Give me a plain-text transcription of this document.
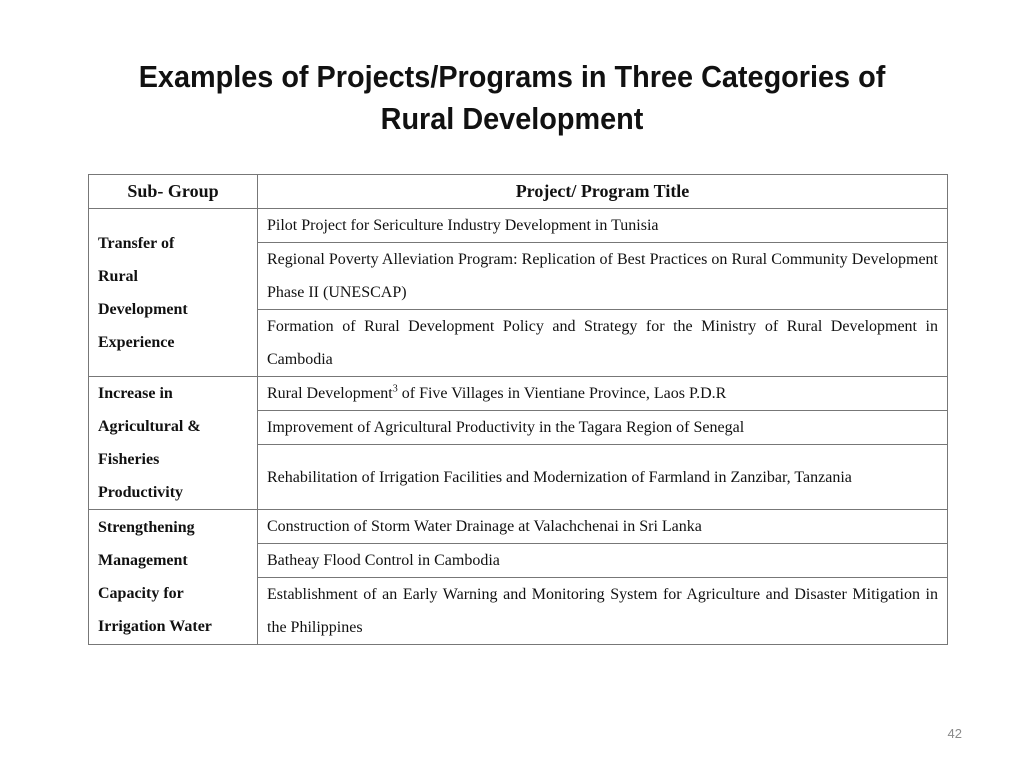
Examples of Projects/Programs in Three Categories of
Rural Development
Sub- Group	Project/ Program Title

Transfer of
Rural
Development
Experience	Pilot Project for Sericulture Industry Development in Tunisia
	Regional Poverty Alleviation Program: Replication of Best Practices on Rural Community Development Phase II (UNESCAP)
	Formation of Rural Development Policy and Strategy for the Ministry of Rural Development in Cambodia

Increase in
Agricultural &
Fisheries
Productivity	Rural Development$^3$ of Five Villages in Vientiane Province, Laos P.D.R
	Improvement of Agricultural Productivity in the Tagara Region of Senegal
	Rehabilitation of Irrigation Facilities and Modernization of Farmland in Zanzibar, Tanzania

Strengthening
Management
Capacity for
Irrigation Water	Construction of Storm Water Drainage at Valachchenai in Sri Lanka
	Batheay Flood Control in Cambodia
	Establishment of an Early Warning and Monitoring System for Agriculture and Disaster Mitigation in the Philippines
42
